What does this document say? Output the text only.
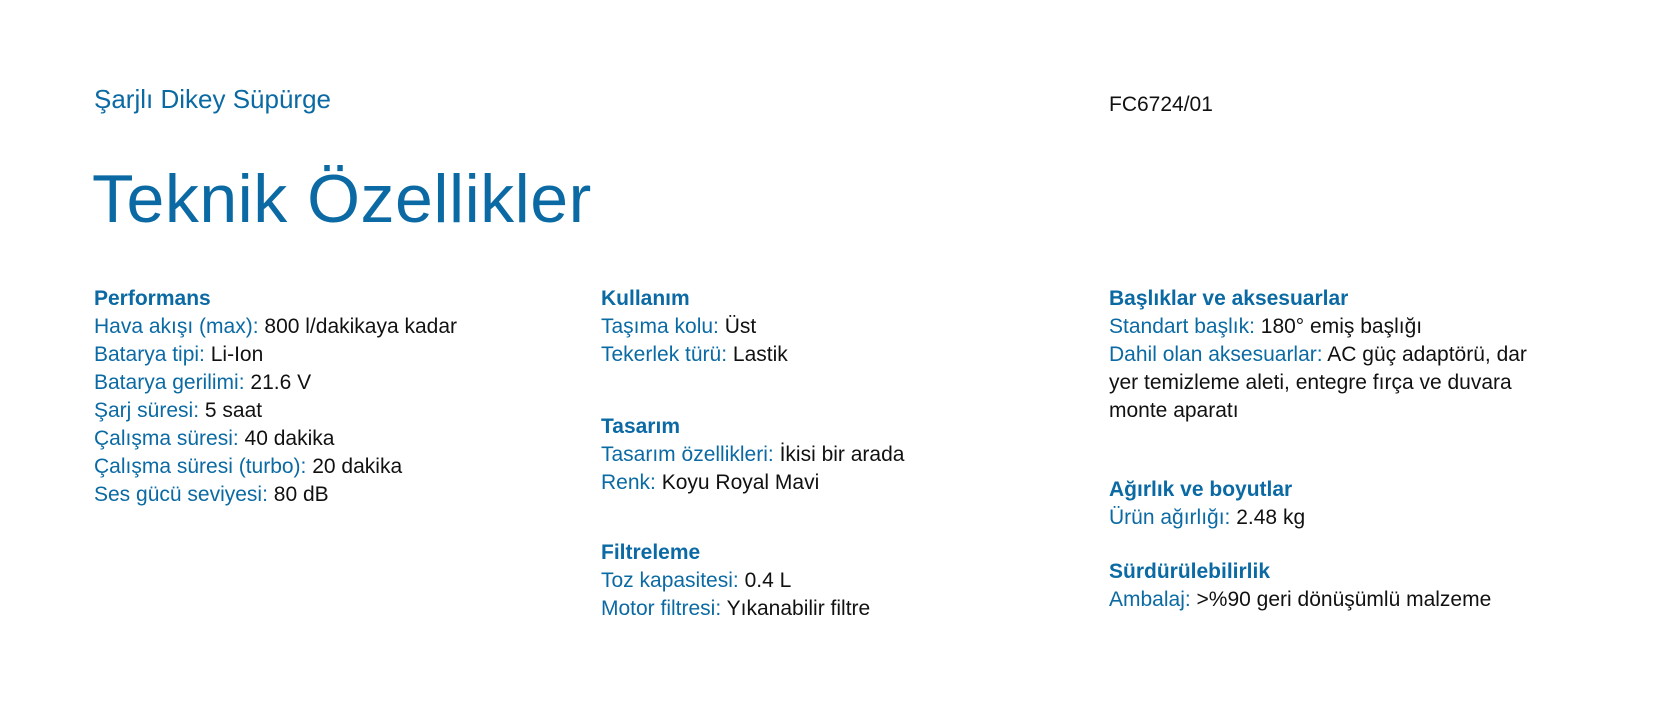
Şarjlı Dikey Süpürge	FC6724/01
Teknik Özellikler
Performans
Hava akışı (max): 800 l/dakikaya kadar
Batarya tipi: Li-Ion
Batarya gerilimi: 21.6 V
Şarj süresi: 5 saat
Çalışma süresi: 40 dakika
Çalışma süresi (turbo): 20 dakika
Ses gücü seviyesi: 80 dB
Kullanım
Taşıma kolu: Üst
Tekerlek türü: Lastik
Tasarım
Tasarım özellikleri: İkisi bir arada
Renk: Koyu Royal Mavi
Filtreleme
Toz kapasitesi: 0.4 L
Motor filtresi: Yıkanabilir filtre
Başlıklar ve aksesuarlar
Standart başlık: 180° emiş başlığı
Dahil olan aksesuarlar: AC güç adaptörü, dar yer temizleme aleti, entegre fırça ve duvara monte aparatı
Ağırlık ve boyutlar
Ürün ağırlığı: 2.48 kg
Sürdürülebilirlik
Ambalaj: >%90 geri dönüşümlü malzeme
